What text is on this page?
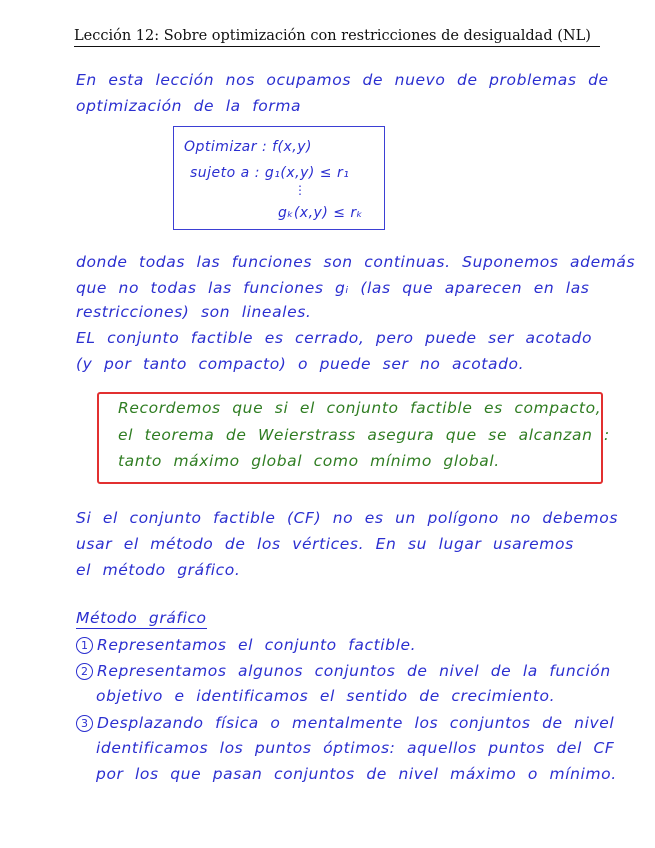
Lección 12: Sobre optimización con restricciones de desigualdad (NL)
En esta lección nos ocupamos de nuevo de problemas de
optimización de la forma
Optimizar : f(x,y)
sujeto a : g₁(x,y) ≤ r₁
⋮
gₖ(x,y) ≤ rₖ
donde todas las funciones son continuas. Suponemos además
que no todas las funciones gᵢ (las que aparecen en las
restricciones) son lineales.
EL conjunto factible es cerrado, pero puede ser acotado
(y por tanto compacto) o puede ser no acotado.
Recordemos que si el conjunto factible es compacto,
el teorema de Weierstrass asegura que se alcanzan :
tanto máximo global como mínimo global.
Si el conjunto factible (CF) no es un polígono no debemos
usar el método de los vértices. En su lugar usaremos
el método gráfico.
Método gráfico
1 Representamos el conjunto factible.
2 Representamos algunos conjuntos de nivel de la función
objetivo e identificamos el sentido de crecimiento.
3 Desplazando física o mentalmente los conjuntos de nivel
identificamos los puntos óptimos: aquellos puntos del CF
por los que pasan conjuntos de nivel máximo o mínimo.
